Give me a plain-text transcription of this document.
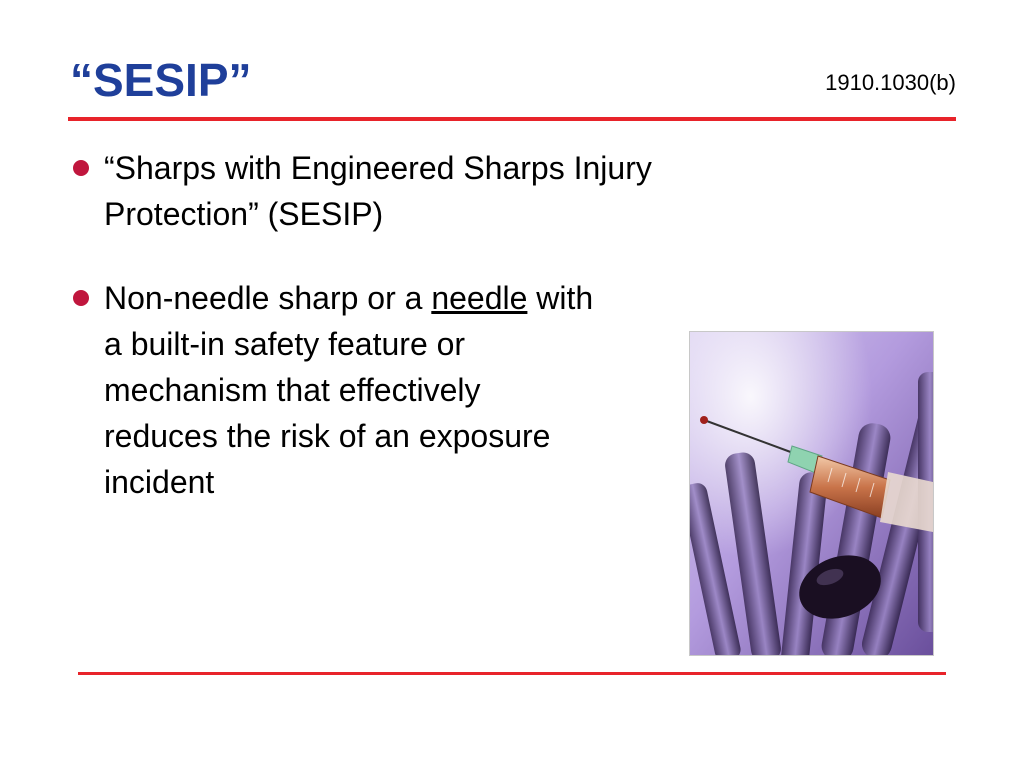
“SESIP”	1910.1030(b)
“Sharps with Engineered Sharps Injury
Protection” (SESIP)
Non-needle sharp or a needle with
a built-in safety feature or
mechanism that effectively
reduces the risk of an exposure
incident
